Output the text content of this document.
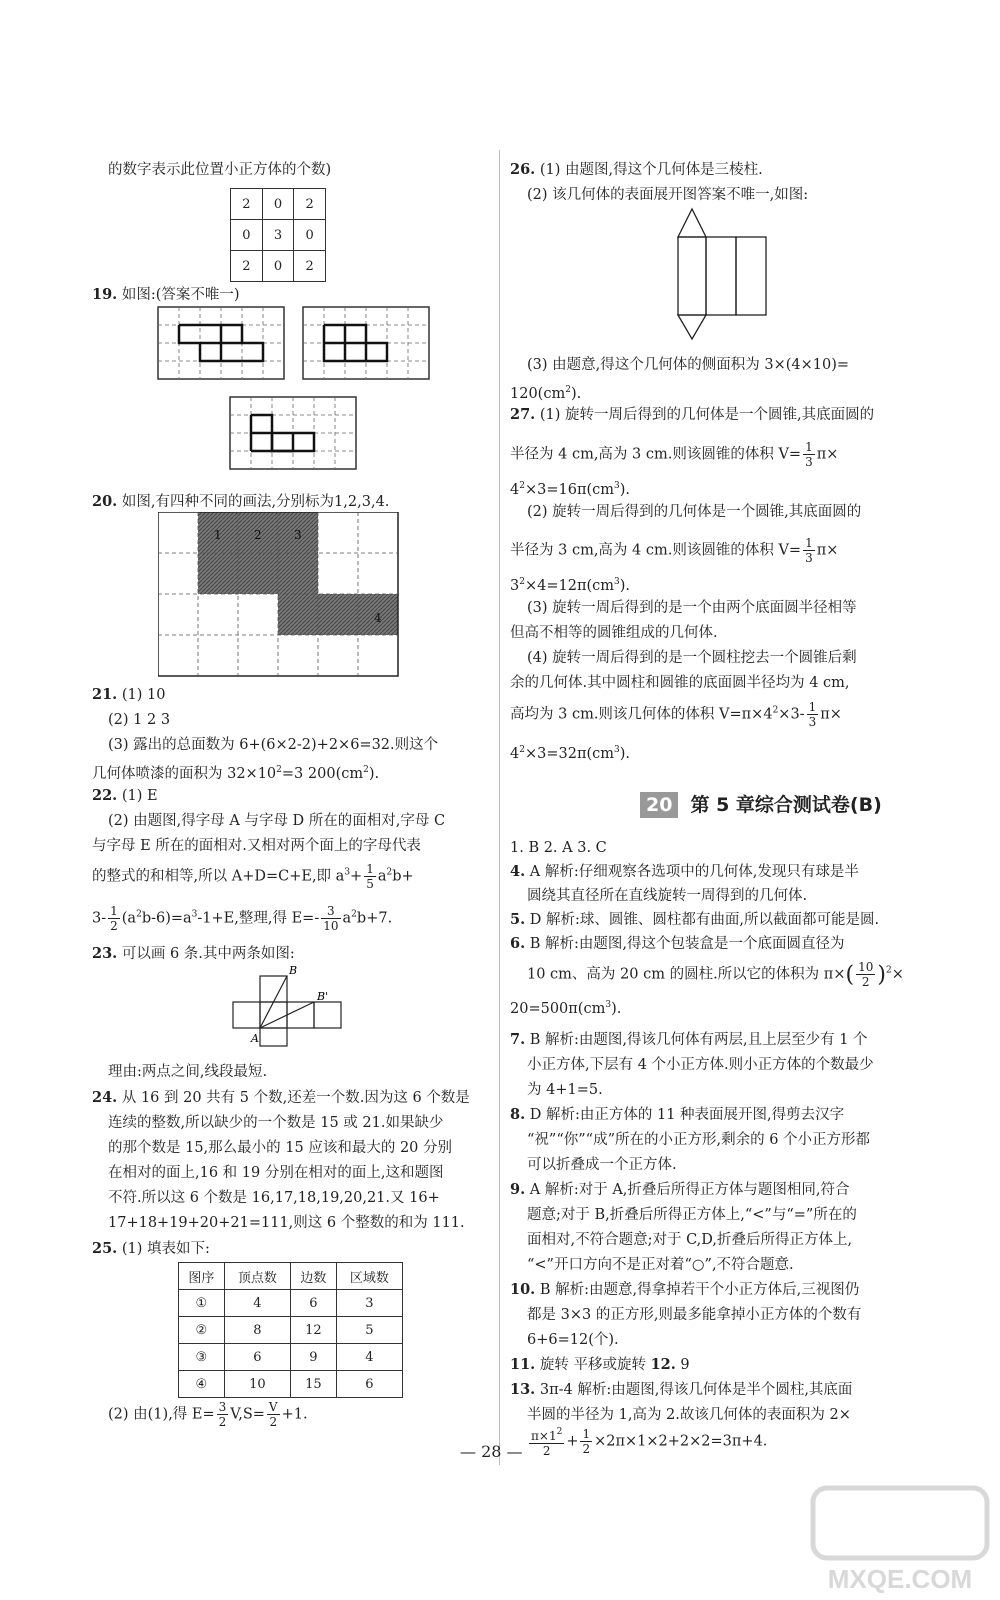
的数字表示此位置小正方体的个数)
2	0	2
0	3	0
2	0	2
19. 如图:(答案不唯一)
20. 如图,有四种不同的画法,分别标为1,2,3,4.
1	2	3
4
21. (1) 10
(2) 1 2 3
(3) 露出的总面数为 6+(6×2-2)+2×6=32.则这个
几何体喷漆的面积为 $32\times 10^2=3$ $200(cm^2)$.
22. (1) E
(2) 由题图,得字母 A 与字母 D 所在的面相对,字母 C
与字母 E 所在的面相对.又相对两个面上的字母代表
的整式的和相等,所以 A+D=C+E,即 $a^3+ \frac{1}{5} a^2b+$
$3- \frac{1}{2} (a^2b-6)=a^3-1+E$,整理,得 $E=- \frac{3}{10} a^2b+7$.
23. 可以画 6 条.其中两条如图:
B
B'
A
理由:两点之间,线段最短.
24. 从 16 到 20 共有 5 个数,还差一个数.因为这 6 个数是
连续的整数,所以缺少的一个数是 15 或 21.如果缺少
的那个数是 15,那么最小的 15 应该和最大的 20 分别
在相对的面上,16 和 19 分别在相对的面上,这和题图
不符.所以这 6 个数是 16,17,18,19,20,21.又 16+
17+18+19+20+21=111,则这 6 个整数的和为 111.
25. (1) 填表如下:
图序	顶点数	边数	区域数
①	4	6	3
②	8	12	5
③	6	9	4
④	10	15	6
(2) 由(1),得 $E= \frac{3}{2} V,S= \frac{V}{2} +1$.
26. (1) 由题图,得这个几何体是三棱柱.
(2) 该几何体的表面展开图答案不唯一,如图:
(3) 由题意,得这个几何体的侧面积为 3×(4×10)=
$120(cm^2)$.
27. (1) 旋转一周后得到的几何体是一个圆锥,其底面圆的
半径为 4 cm,高为 3 cm.则该圆锥的体积 $V= \frac{1}{3} \pi\times$
$4^2\times 3=16\pi(cm^3)$.
(2) 旋转一周后得到的几何体是一个圆锥,其底面圆的
半径为 3 cm,高为 4 cm.则该圆锥的体积 $V= \frac{1}{3} \pi\times$
$3^2\times 4=12\pi(cm^3)$.
(3) 旋转一周后得到的是一个由两个底面圆半径相等
但高不相等的圆锥组成的几何体.
(4) 旋转一周后得到的是一个圆柱挖去一个圆锥后剩
余的几何体.其中圆柱和圆锥的底面圆半径均为 4 cm,
高均为 3 cm.则该几何体的体积 $V=\pi\times 4^2\times 3- \frac{1}{3} \pi\times$
$4^2\times 3=32\pi(cm^3)$.
20 第 5 章综合测试卷(B)
1. B 2. A 3. C
4. A 解析:仔细观察各选项中的几何体,发现只有球是半
圆绕其直径所在直线旋转一周得到的几何体.
5. D 解析:球、圆锥、圆柱都有曲面,所以截面都可能是圆.
6. B 解析:由题图,得这个包装盒是一个底面圆直径为
10 cm、高为 20 cm 的圆柱.所以它的体积为 $\pi\times( \frac{10}{2} )^2\times$
$20=500\pi(cm^3)$.
7. B 解析:由题图,得该几何体有两层,且上层至少有 1 个
小正方体,下层有 4 个小正方体.则小正方体的个数最少
为 4+1=5.
8. D 解析:由正方体的 11 种表面展开图,得剪去汉字
“祝”“你”“成”所在的小正方形,剩余的 6 个小正方形都
可以折叠成一个正方体.
9. A 解析:对于 A,折叠后所得正方体与题图相同,符合
题意;对于 B,折叠后所得正方体上,“<”与“=”所在的
面相对,不符合题意;对于 C,D,折叠后所得正方体上,
“<”开口方向不是正对着“○”,不符合题意.
10. B 解析:由题意,得拿掉若干个小正方体后,三视图仍
都是 3×3 的正方形,则最多能拿掉小正方体的个数有
6+6=12(个).
11. 旋转 平移或旋转 12. 9
13. 3π-4 解析:由题图,得该几何体是半个圆柱,其底面
半圆的半径为 1,高为 2.故该几何体的表面积为 2×
$\frac{\pi\times 1^2}{2} + \frac{1}{2} \times 2\pi\times 1\times 2+2\times 2=3\pi+4$.
— 28 —
MXQE.COM
